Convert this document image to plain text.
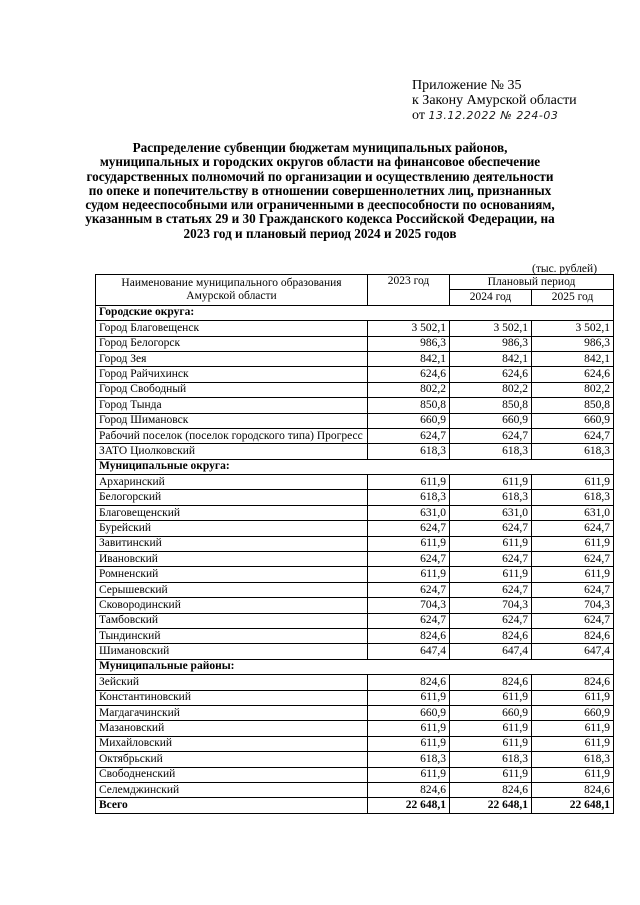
Приложение № 35
к Закону Амурской области
от 13.12.2022 № 224-03
Распределение субвенции бюджетам муниципальных районов, муниципальных и городских округов области на финансовое обеспечение государственных полномочий по организации и осуществлению деятельности по опеке и попечительству в отношении совершеннолетних лиц, признанных судом недееспособными или ограниченными в дееспособности по основаниям, указанным в статьях 29 и 30 Гражданского кодекса Российской Федерации, на 2023 год и плановый период 2024 и 2025 годов
(тыс. рублей)
Наименование муниципального образования Амурской области	2023 год	Плановый период	
		2024 год	2025 год
Городские округа:			
Город Благовещенск	3 502,1	3 502,1	3 502,1
Город Белогорск	986,3	986,3	986,3
Город Зея	842,1	842,1	842,1
Город Райчихинск	624,6	624,6	624,6
Город Свободный	802,2	802,2	802,2
Город Тында	850,8	850,8	850,8
Город Шимановск	660,9	660,9	660,9
Рабочий поселок (поселок городского типа) Прогресс	624,7	624,7	624,7
ЗАТО Циолковский	618,3	618,3	618,3
Муниципальные округа:			
Архаринский	611,9	611,9	611,9
Белогорский	618,3	618,3	618,3
Благовещенский	631,0	631,0	631,0
Бурейский	624,7	624,7	624,7
Завитинский	611,9	611,9	611,9
Ивановский	624,7	624,7	624,7
Ромненский	611,9	611,9	611,9
Серышевский	624,7	624,7	624,7
Сковородинский	704,3	704,3	704,3
Тамбовский	624,7	624,7	624,7
Тындинский	824,6	824,6	824,6
Шимановский	647,4	647,4	647,4
Муниципальные районы:			
Зейский	824,6	824,6	824,6
Константиновский	611,9	611,9	611,9
Магдагачинский	660,9	660,9	660,9
Мазановский	611,9	611,9	611,9
Михайловский	611,9	611,9	611,9
Октябрьский	618,3	618,3	618,3
Свободненский	611,9	611,9	611,9
Селемджинский	824,6	824,6	824,6
Всего	22 648,1	22 648,1	22 648,1
